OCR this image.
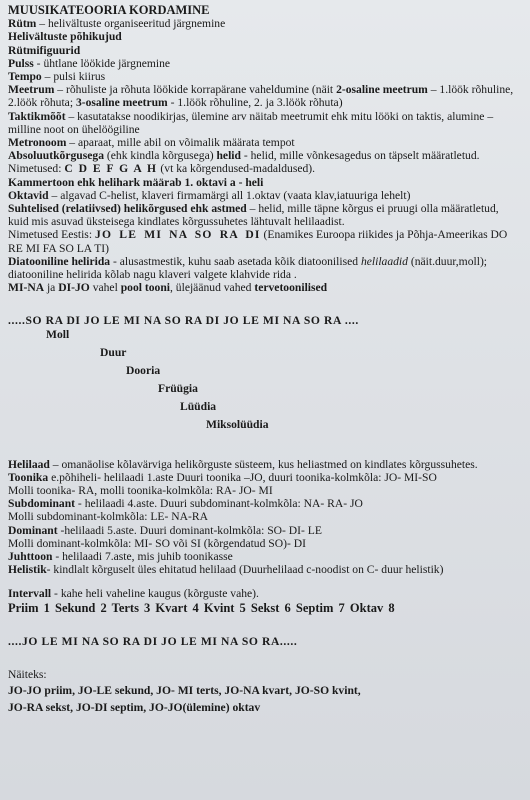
MUUSIKATEOORIA KORDAMINE

Rütm – helivältuste organiseeritud järgnemine

Helivältuste põhikujud

Rütmifiguurid

Pulss - ühtlane löökide järgnemine

Tempo – pulsi kiirus

Meetrum – rõhuliste ja rõhuta löökide korrapärane vaheldumine (näit 2-osaline meetrum – 1.löök rõhuline, 2.löök rõhuta; 3-osaline meetrum - 1.löök rõhuline, 2. ja 3.löök rõhuta)

Taktikmõõt – kasutatakse noodikirjas, ülemine arv näitab meetrumit ehk mitu lööki on taktis, alumine – milline noot on ühelöögiline

Metronoom – aparaat, mille abil on võimalik määrata tempot

Absoluutkõrgusega (ehk kindla kõrgusega) helid - helid, mille võnkesagedus on täpselt määratletud. Nimetused: C D E F G A H (vt ka kõrgendused-madaldused).

Kammertoon ehk helihark määrab 1. oktavi a - heli

Oktavid – algavad C-helist, klaveri firmamärgi all 1.oktav (vaata klav,iatuuriga lehelt)

Suhtelised (relatiivsed) helikõrgused ehk astmed – helid, mille täpne kõrgus ei pruugi olla määratletud, kuid mis asuvad üksteisega kindlates kõrgussuhetes lähtuvalt helilaadist.

Nimetused Eestis: JO LE MI NA SO RA DI (Enamikes Euroopa riikides ja Põhja-Ameerikas DO RE MI FA SO LA TI)

Diatooniline helirida - alusastmestik, kuhu saab asetada kõik diatoonilised helilaadid (näit.duur,moll); diatooniline helirida kõlab nagu klaveri valgete klahvide rida .

MI-NA ja DI-JO vahel pool tooni, ülejäänud vahed tervetoonilised

.....SO RA DI JO LE MI NA SO RA DI JO LE MI NA SO RA ....

Moll
Duur
Dooria
Früügia
Lüüdia
Miksolüüdia

Helilaad – omanäolise kõlavärviga helikõrguste süsteem, kus heliastmed on kindlates kõrgussuhetes.

Toonika e.põhiheli- helilaadi 1.aste Duuri toonika –JO, duuri toonika-kolmkõla: JO- MI-SO

Molli toonika- RA, molli toonika-kolmkõla: RA- JO- MI

Subdominant - helilaadi 4.aste. Duuri subdominant-kolmkõla: NA- RA- JO

Molli subdominant-kolmkõla: LE- NA-RA

Dominant -helilaadi 5.aste. Duuri dominant-kolmkõla: SO- DI- LE

Molli dominant-kolmkõla: MI- SO või SI (kõrgendatud SO)- DI

Juhttoon - helilaadi 7.aste, mis juhib toonikasse

Helistik- kindlalt kõrguselt üles ehitatud helilaad (Duurhelilaad c-noodist on C- duur helistik)

Intervall - kahe heli vaheline kaugus (kõrguste vahe).

Priim 1 Sekund 2 Terts 3 Kvart 4 Kvint 5 Sekst 6 Septim 7 Oktav 8

....JO LE MI NA SO RA DI JO LE MI NA SO RA.....

Näiteks:

JO-JO priim, JO-LE sekund, JO- MI terts, JO-NA kvart, JO-SO kvint,

JO-RA sekst, JO-DI septim, JO-JO(ülemine) oktav
